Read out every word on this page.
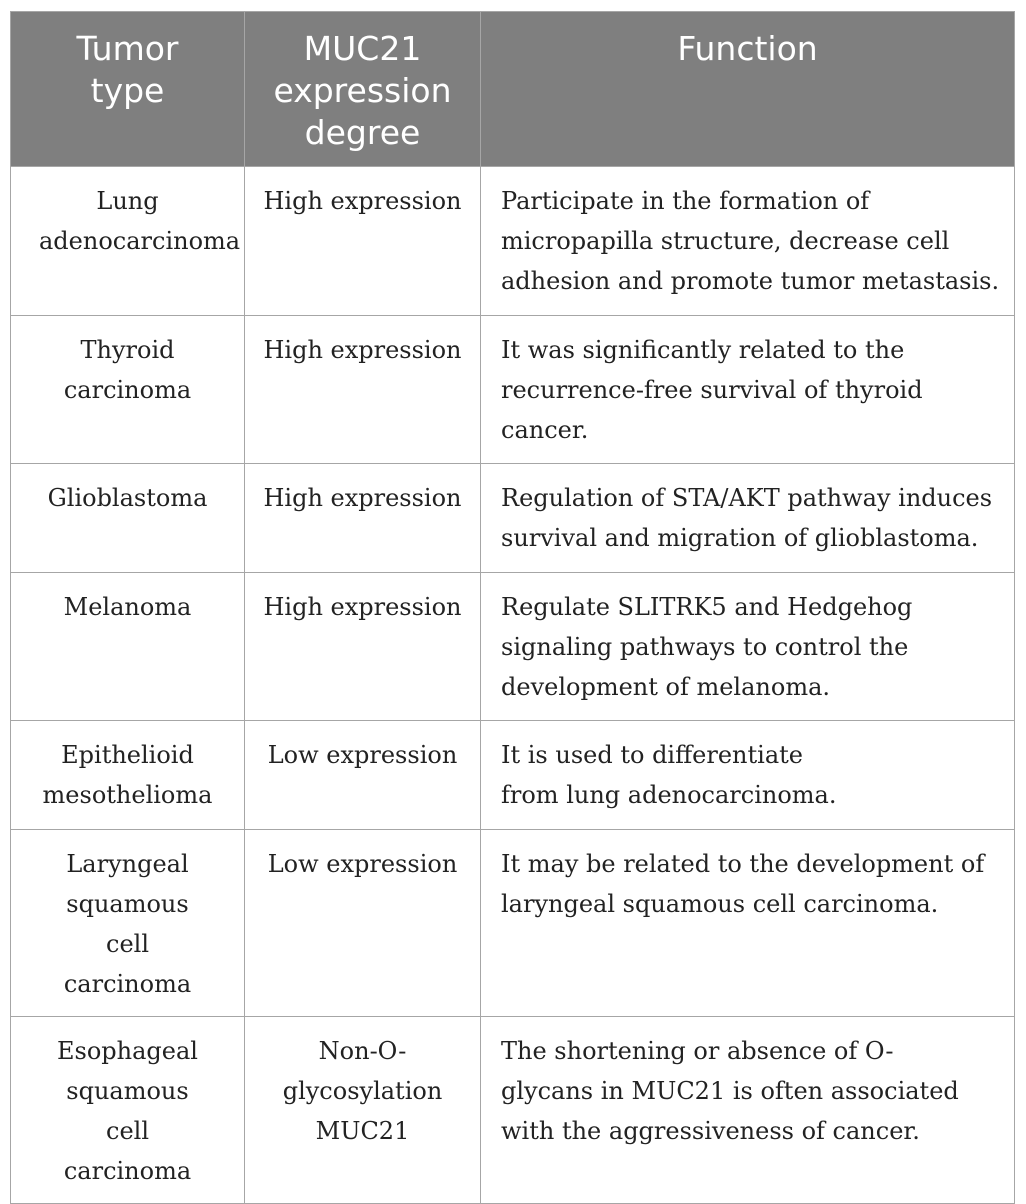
Tumor type	MUC21 expression degree	Function

Lung adenocarcinoma	High expression	Participate in the formation of micropapilla structure, decrease cell adhesion and promote tumor metastasis.
Thyroid carcinoma	High expression	It was significantly related to the recurrence-free survival of thyroid cancer.
Glioblastoma	High expression	Regulation of STA/AKT pathway induces survival and migration of glioblastoma.
Melanoma	High expression	Regulate SLITRK5 and Hedgehog signaling pathways to control the development of melanoma.
Epithelioid mesothelioma	Low expression	It is used to differentiate from lung adenocarcinoma.
Laryngeal squamous cell carcinoma	Low expression	It may be related to the development of laryngeal squamous cell carcinoma.
Esophageal squamous cell carcinoma	Non-O-glycosylation MUC21	The shortening or absence of O-glycans in MUC21 is often associated with the aggressiveness of cancer.
